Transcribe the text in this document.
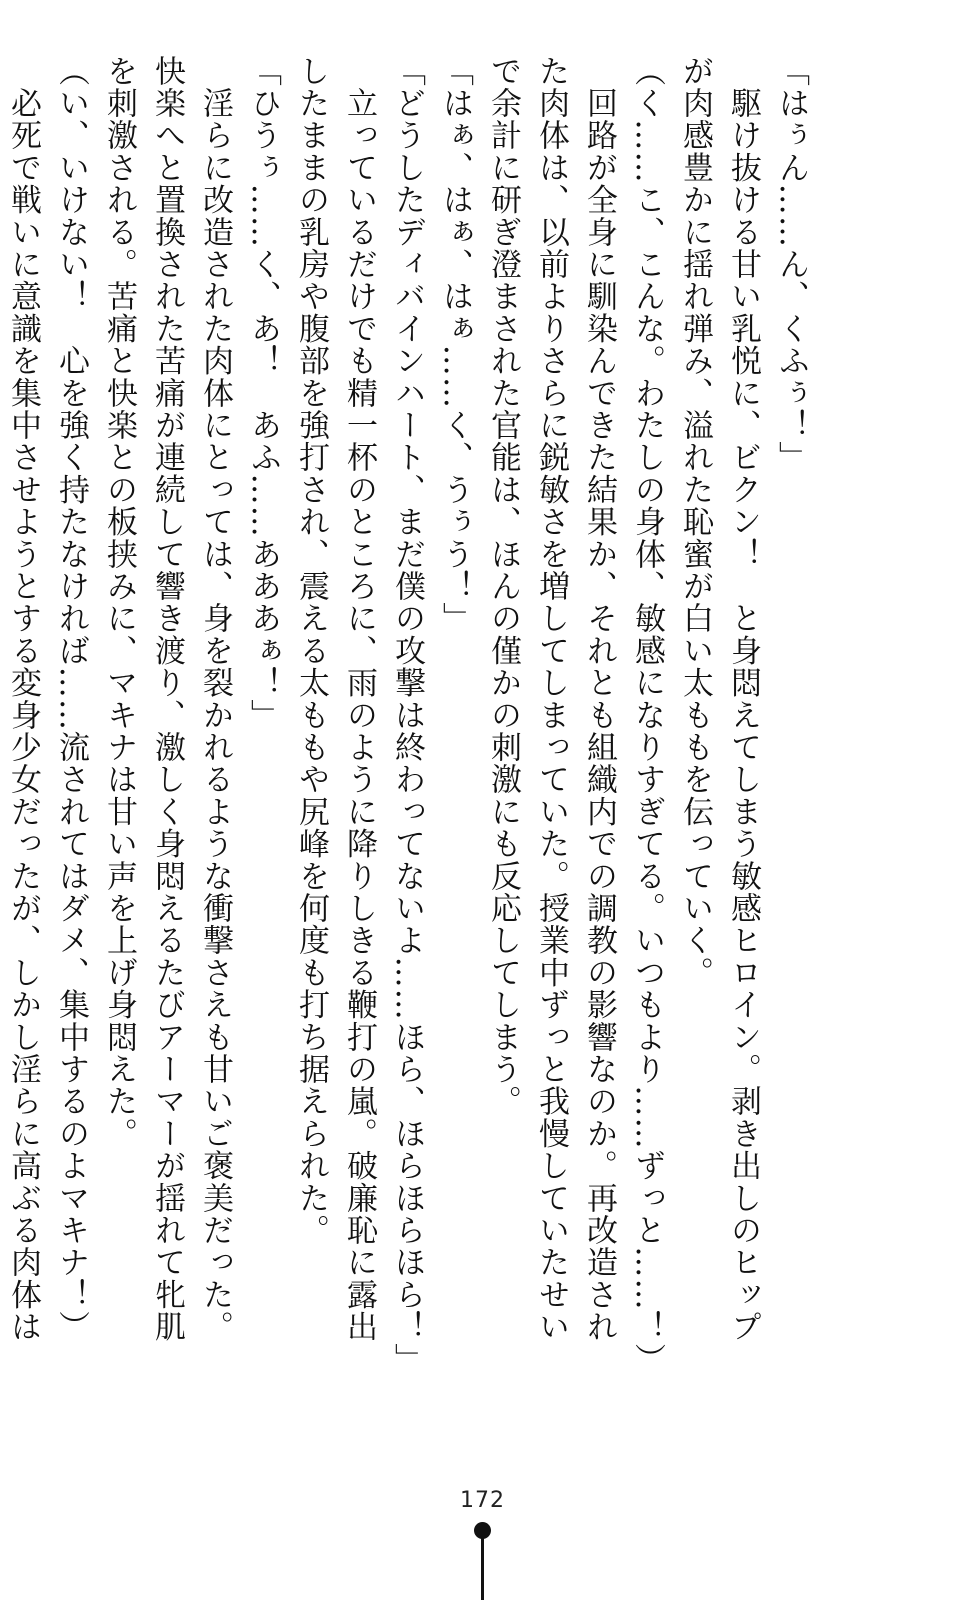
「はぅん……ん、くふぅ！」

　駆け抜ける甘い乳悦に、ビクン！　と身悶えてしまう敏感ヒロイン。剥き出しのヒップ

が肉感豊かに揺れ弾み、溢れた恥蜜が白い太ももを伝っていく。

（く……こ、こんな。わたしの身体、敏感になりすぎてる。いつもより……ずっと……！）

　回路が全身に馴染んできた結果か、それとも組織内での調教の影響なのか。再改造され

た肉体は、以前よりさらに鋭敏さを増してしまっていた。授業中ずっと我慢していたせい

で余計に研ぎ澄まされた官能は、ほんの僅かの刺激にも反応してしまう。

「はぁ、はぁ、はぁ……く、うぅう！」

「どうしたディバインハート、まだ僕の攻撃は終わってないよ……ほら、ほらほらほら！」

　立っているだけでも精一杯のところに、雨のように降りしきる鞭打の嵐。破廉恥に露出

したままの乳房や腹部を強打され、震える太ももや尻峰を何度も打ち据えられた。

「ひうぅ……く、あ！　あふ……あああぁ！」

　淫らに改造された肉体にとっては、身を裂かれるような衝撃さえも甘いご褒美だった。

快楽へと置換された苦痛が連続して響き渡り、激しく身悶えるたびアーマーが揺れて牝肌

を刺激される。苦痛と快楽との板挟みに、マキナは甘い声を上げ身悶えた。

（い、いけない！　心を強く持たなければ……流されてはダメ、集中するのよマキナ！）

　必死で戦いに意識を集中させようとする変身少女だったが、しかし淫らに高ぶる肉体は

172
